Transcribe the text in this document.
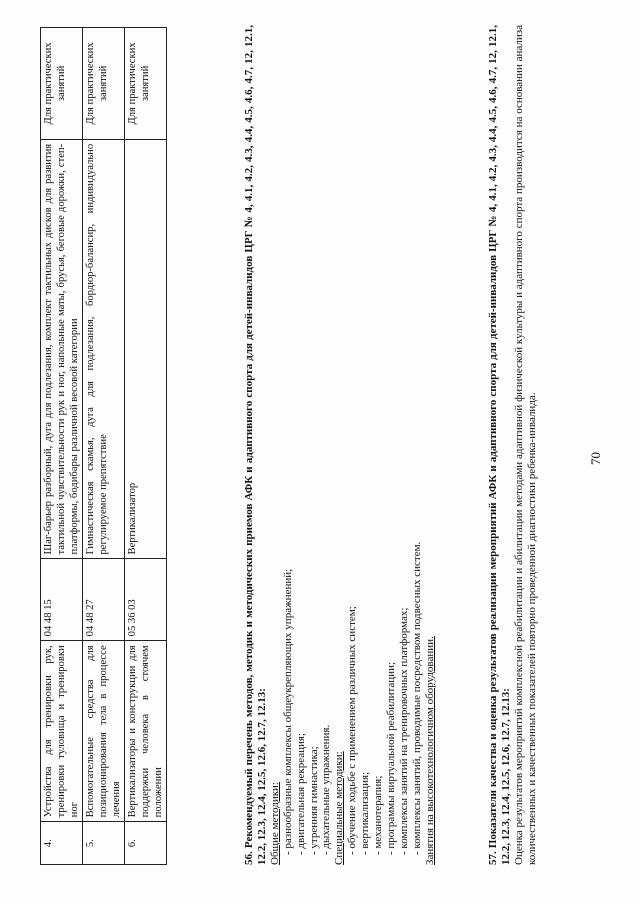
70
4.	Устройства для тренировки рук, тренировки туловища и тренировки ног	04 48 15	Шаг-барьер разборный, дуга для подлезания, комплект тактильных дисков для развития тактильной чувствительности рук и ног, напольные маты, брусья, беговые дорожки, степ-платформы, бодибары различной весовой категории	Для практических занятий
5.	Вспомогательные средства для позиционирования тела в процессе лечения	04 48 27	Гимнастическая скамья, дуга для подлезания, бордюр-балансир, индивидуально регулируемое препятствие	Для практических занятий
6.	Вертикализаторы и конструкции для поддержки человека в стоячем положении	05 36 03	Вертикализатор	Для практических занятий	56. Рекомендуемый перечень методов, методик и методических приемов АФК и адаптивного спорта для детей-инвалидов ЦРГ № 4, 4.1, 4.2, 4.3, 4.4, 4.5, 4.6, 4.7, 12, 12.1, 12.2, 12.3, 12.4, 12.5, 12.6, 12.7, 12.13: Общие методики: - разнообразные комплексы общеукрепляющих упражнений; - двигательная рекреация; - утренняя гимнастика; - дыхательные упражнения. Специальные методики: - обучение ходьбе с применением различных систем; - вертикализация; - механотерапия; - программы виртуальной реабилитации; - комплексы занятий на тренировочных платформах; - комплексы занятий, проводимые посредством подвесных систем. Занятия на высокотехнологичном оборудовании.	57. Показатели качества и оценка результатов реализации мероприятий АФК и адаптивного спорта для детей-инвалидов ЦРГ № 4, 4.1, 4.2, 4.3, 4.4, 4.5, 4.6, 4.7, 12, 12.1, 12.2, 12.3, 12.4, 12.5, 12.6, 12.7, 12.13: Оценка результатов мероприятий комплексной реабилитации и абилитации методами адаптивной физической культуры и адаптивного спорта производится на основании анализа количественных и качественных показателей повторно проведенной диагностики ребенка-инвалида.
